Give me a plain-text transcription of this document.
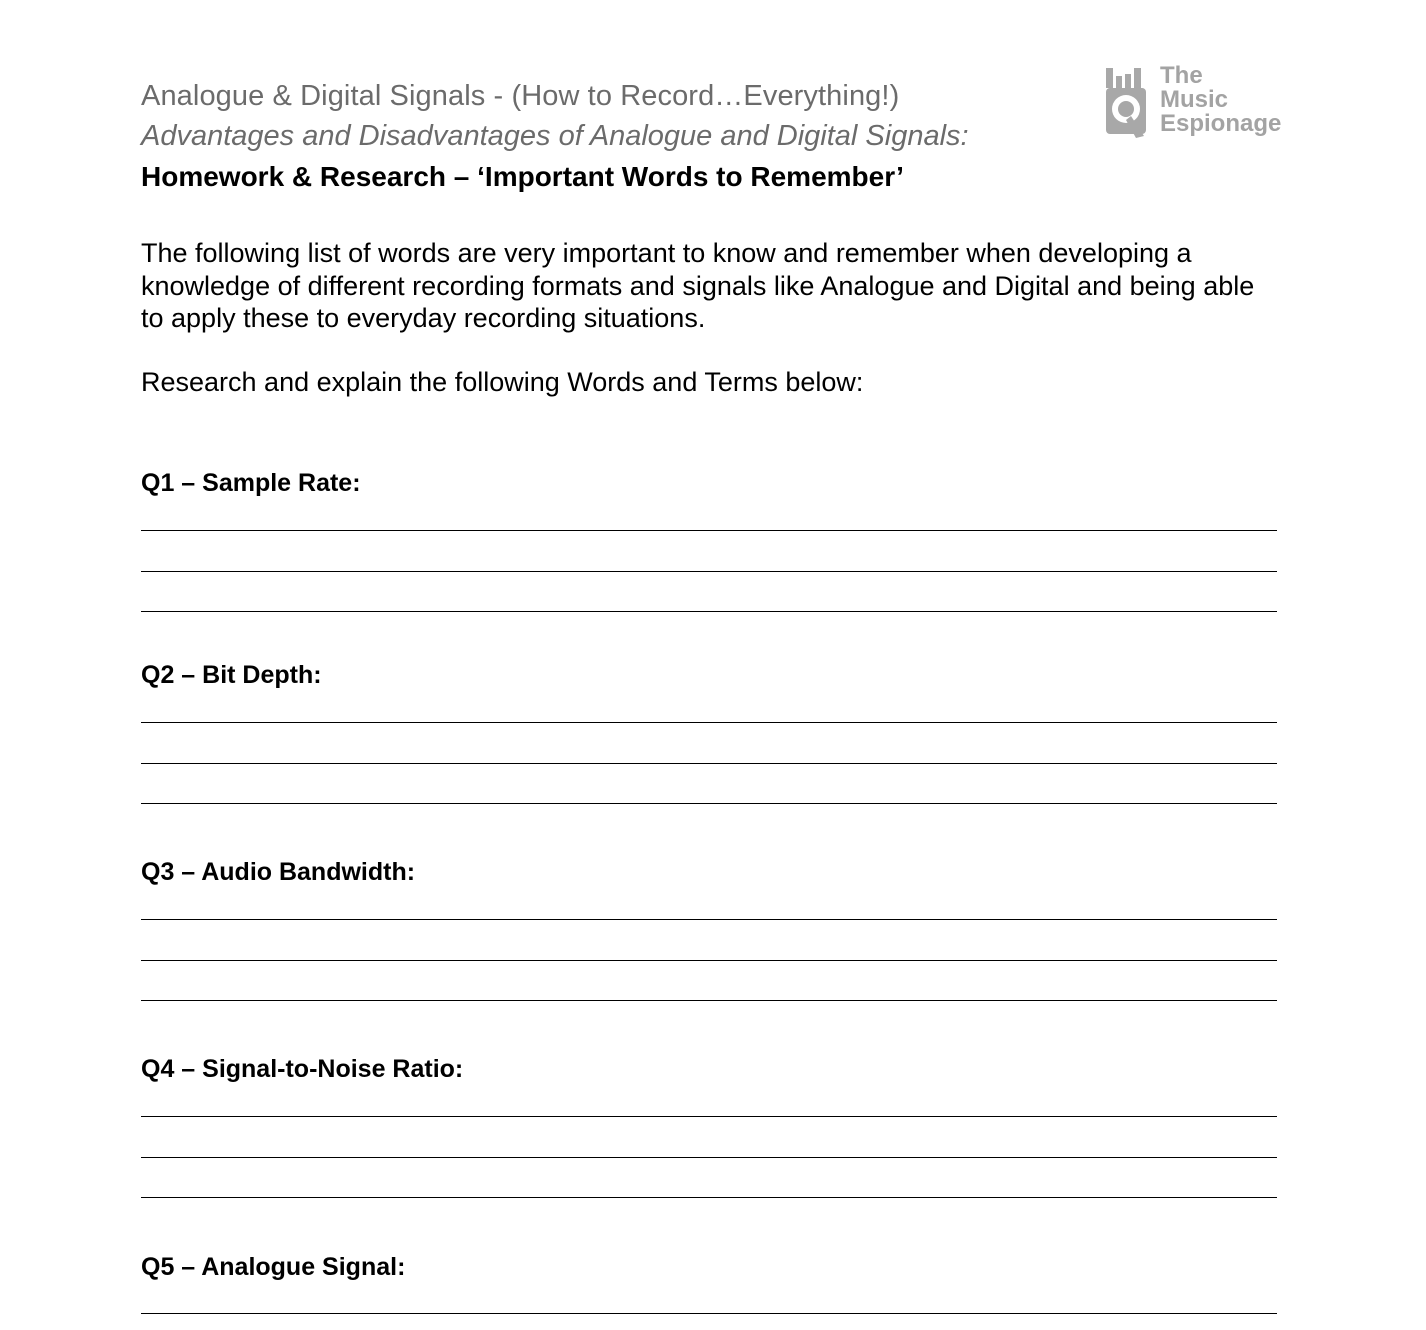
Analogue & Digital Signals - (How to Record…Everything!)
Advantages and Disadvantages of Analogue and Digital Signals:
Homework & Research – ‘Important Words to Remember’
The
Music
Espionage
The following list of words are very important to know and remember when developing a knowledge of different recording formats and signals like Analogue and Digital and being able to apply these to everyday recording situations.
Research and explain the following Words and Terms below:
Q1 – Sample Rate:
Q2 – Bit Depth:
Q3 – Audio Bandwidth:
Q4 – Signal-to-Noise Ratio:
Q5 – Analogue Signal:
